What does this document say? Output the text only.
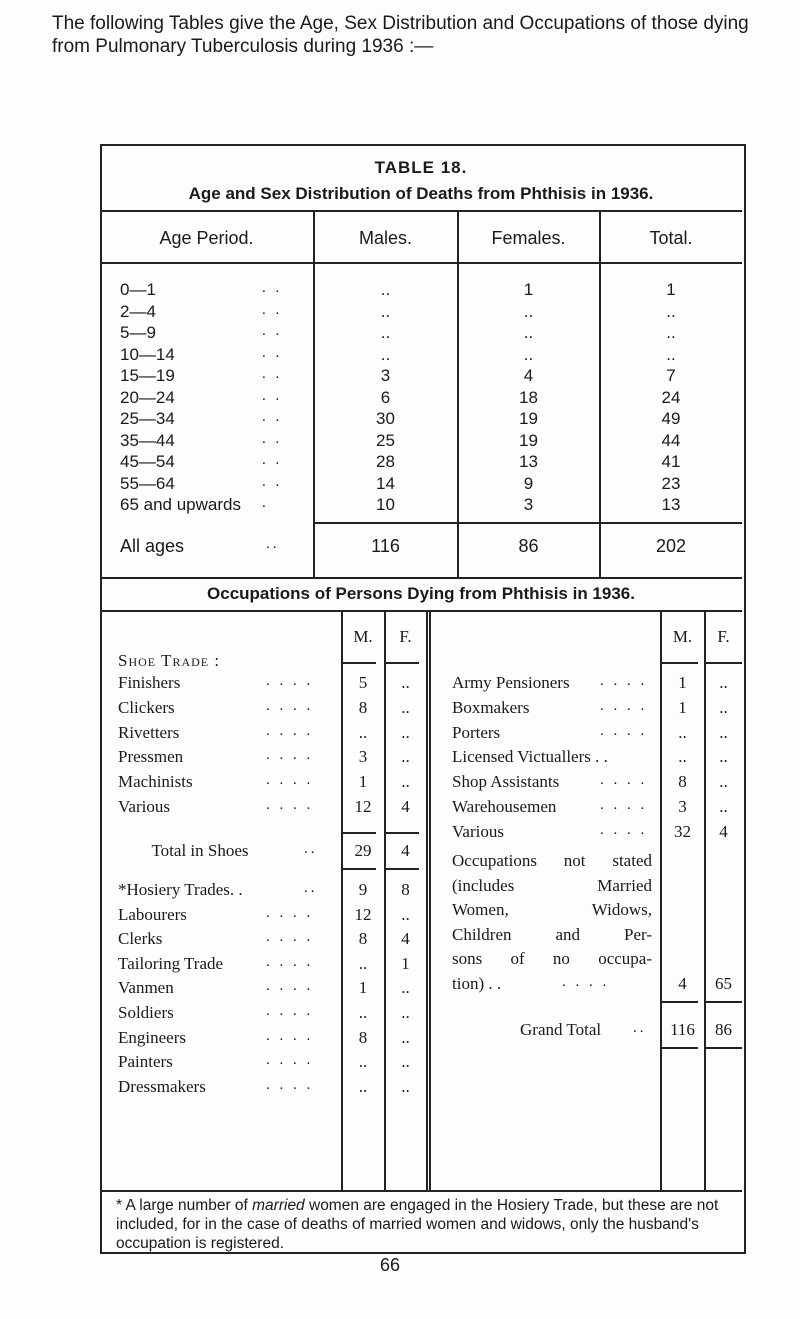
The following Tables give the Age, Sex Distribution and Occupations of those dying from Pulmonary Tuberculosis during 1936 :—
TABLE 18.
Age and Sex Distribution of Deaths from Phthisis in 1936.
Age Period.	Males.	Females.	Total.
0—1	. .	..	1	1
2—4	. .	..	..	..
5—9	. .	..	..	..
10—14	. .	..	..	..
15—19	. .	3	4	7
20—24	. .	6	18	24
25—34	. .	30	19	49
35—44	. .	25	19	44
45—54	. .	28	13	41
55—64	. .	14	9	23
65 and upwards .	10	3	13
All ages	..	116	86	202
Occupations of Persons Dying from Phthisis in 1936.
M.	F.	M.	F.
Shoe Trade :
Finishers	. . . .	5	..
Clickers	. . . .	8	..
Rivetters	. . . .	..	..
Pressmen	. . . .	3	..
Machinists	. . . .	1	..
Various	. . . .	12	4
Total in Shoes	..	29	4
*Hosiery Trades. .	..	9	8
Labourers	. . . .	12	..
Clerks	. . . .	8	4
Tailoring Trade	. . . .	..	1
Vanmen	. . . .	1	..
Soldiers	. . . .	..	..
Engineers	. . . .	8	..
Painters	. . . .	..	..
Dressmakers	. . . .	..	..
Army Pensioners . . . .	1	..
Boxmakers	. . . .	1	..
Porters	. . . .	..	..
Licensed Victuallers . .	..	..
Shop Assistants	. . . .	8	..
Warehousemen	. . . .	3	..
Various	. . . .	32	4
Occupations not stated
(includes Married
Women, Widows,
Children and Per-
sons of no occupa-
tion) . .	. . . .	4	65
Grand Total ..	116	86
* A large number of married women are engaged in the Hosiery Trade, but these are not included, for in the case of deaths of married women and widows, only the husband's occupation is registered.
66
